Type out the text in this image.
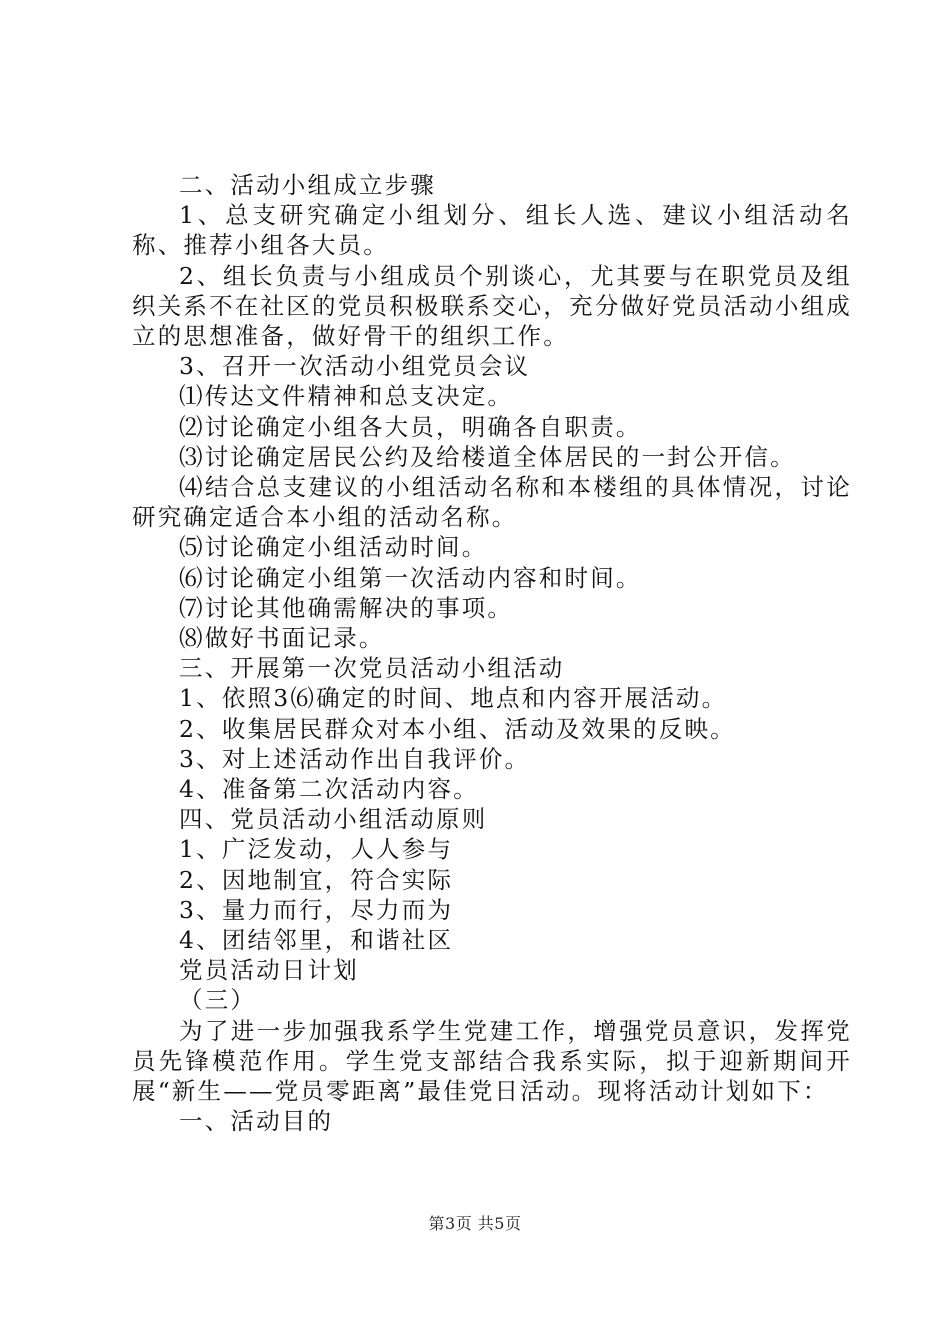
二、活动小组成立步骤

1、总支研究确定小组划分、组长人选、建议小组活动名称、推荐小组各大员。

2、组长负责与小组成员个别谈心，尤其要与在职党员及组织关系不在社区的党员积极联系交心，充分做好党员活动小组成立的思想准备，做好骨干的组织工作。

3、召开一次活动小组党员会议

⑴传达文件精神和总支决定。

⑵讨论确定小组各大员，明确各自职责。

⑶讨论确定居民公约及给楼道全体居民的一封公开信。

⑷结合总支建议的小组活动名称和本楼组的具体情况，讨论研究确定适合本小组的活动名称。

⑸讨论确定小组活动时间。

⑹讨论确定小组第一次活动内容和时间。

⑺讨论其他确需解决的事项。

⑻做好书面记录。

三、开展第一次党员活动小组活动

1、依照3⑹确定的时间、地点和内容开展活动。

2、收集居民群众对本小组、活动及效果的反映。

3、对上述活动作出自我评价。

4、准备第二次活动内容。

四、党员活动小组活动原则

1、广泛发动，人人参与

2、因地制宜，符合实际

3、量力而行，尽力而为

4、团结邻里，和谐社区

党员活动日计划

（三）

为了进一步加强我系学生党建工作，增强党员意识，发挥党员先锋模范作用。学生党支部结合我系实际，拟于迎新期间开展“新生——党员零距离”最佳党日活动。现将活动计划如下：

一、活动目的

第3页 共5页
